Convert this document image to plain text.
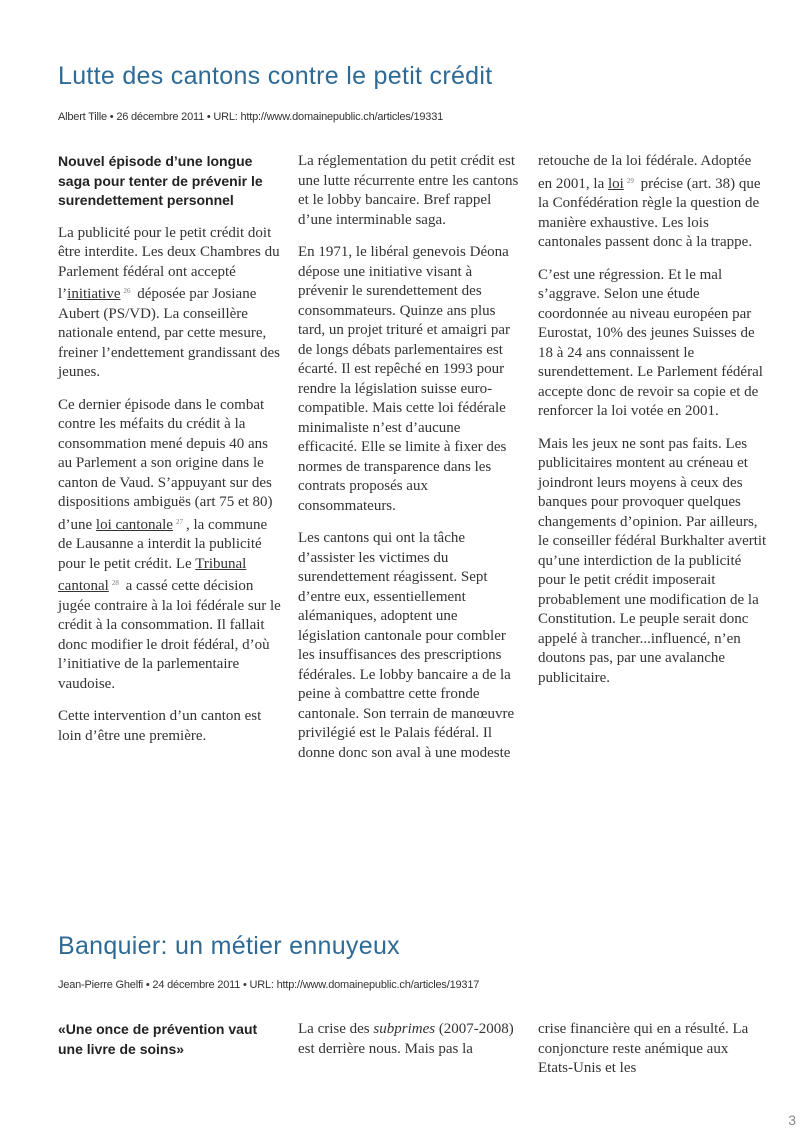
Lutte des cantons contre le petit crédit
Albert Tille • 26 décembre 2011 • URL: http://www.domainepublic.ch/articles/19331

Nouvel épisode d’une longue saga pour tenter de prévenir le surendettement personnel

La publicité pour le petit crédit doit être interdite. Les deux Chambres du Parlement fédéral ont accepté l’initiative $^{26}$ déposée par Josiane Aubert (PS/VD). La conseillère nationale entend, par cette mesure, freiner l’endettement grandissant des jeunes.

Ce dernier épisode dans le combat contre les méfaits du crédit à la consommation mené depuis 40 ans au Parlement a son origine dans le canton de Vaud. S’appuyant sur des dispositions ambiguës (art 75 et 80) d’une loi cantonale $^{27}$ , la commune de Lausanne a interdit la publicité pour le petit crédit. Le Tribunal cantonal $^{28}$ a cassé cette décision jugée contraire à la loi fédérale sur le crédit à la consommation. Il fallait donc modifier le droit fédéral, d’où l’initiative de la parlementaire vaudoise.

Cette intervention d’un canton est loin d’être une première.

La réglementation du petit crédit est une lutte récurrente entre les cantons et le lobby bancaire. Bref rappel d’une interminable saga.

En 1971, le libéral genevois Déona dépose une initiative visant à prévenir le surendettement des consommateurs. Quinze ans plus tard, un projet trituré et amaigri par de longs débats parlementaires est écarté. Il est repêché en 1993 pour rendre la législation suisse euro-compatible. Mais cette loi fédérale minimaliste n’est d’aucune efficacité. Elle se limite à fixer des normes de transparence dans les contrats proposés aux consommateurs.

Les cantons qui ont la tâche d’assister les victimes du surendettement réagissent. Sept d’entre eux, essentiellement alémaniques, adoptent une législation cantonale pour combler les insuffisances des prescriptions fédérales. Le lobby bancaire a de la peine à combattre cette fronde cantonale. Son terrain de manœuvre privilégié est le Palais fédéral. Il donne donc son aval à une modeste

retouche de la loi fédérale. Adoptée en 2001, la loi $^{29}$ précise (art. 38) que la Confédération règle la question de manière exhaustive. Les lois cantonales passent donc à la trappe.

C’est une régression. Et le mal s’aggrave. Selon une étude coordonnée au niveau européen par Eurostat, 10% des jeunes Suisses de 18 à 24 ans connaissent le surendettement. Le Parlement fédéral accepte donc de revoir sa copie et de renforcer la loi votée en 2001.

Mais les jeux ne sont pas faits. Les publicitaires montent au créneau et joindront leurs moyens à ceux des banques pour provoquer quelques changements d’opinion. Par ailleurs, le conseiller fédéral Burkhalter avertit qu’une interdiction de la publicité pour le petit crédit imposerait probablement une modification de la Constitution. Le peuple serait donc appelé à trancher...influencé, n’en doutons pas, par une avalanche publicitaire.

Banquier: un métier ennuyeux
Jean-Pierre Ghelfi • 24 décembre 2011 • URL: http://www.domainepublic.ch/articles/19317

«Une once de prévention vaut une livre de soins»

La crise des subprimes (2007-2008) est derrière nous. Mais pas la

crise financière qui en a résulté. La conjoncture reste anémique aux Etats-Unis et les

3
